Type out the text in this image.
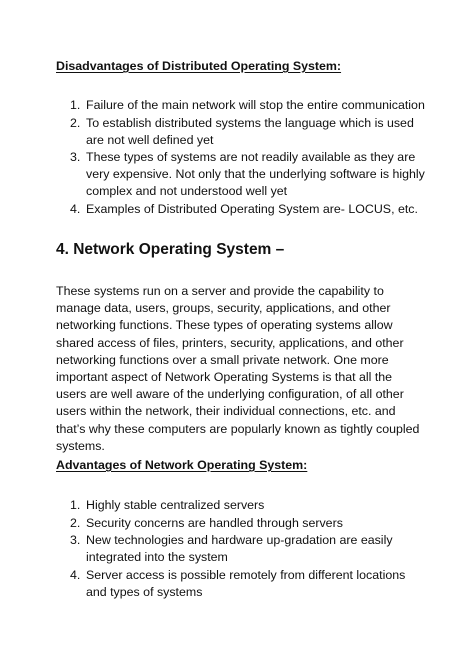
Disadvantages of Distributed Operating System:
1. Failure of the main network will stop the entire communication
2. To establish distributed systems the language which is used are not well defined yet
3. These types of systems are not readily available as they are very expensive. Not only that the underlying software is highly complex and not understood well yet
4. Examples of Distributed Operating System are- LOCUS, etc.
4. Network Operating System –

These systems run on a server and provide the capability to manage data, users, groups, security, applications, and other networking functions. These types of operating systems allow shared access of files, printers, security, applications, and other networking functions over a small private network. One more important aspect of Network Operating Systems is that all the users are well aware of the underlying configuration, of all other users within the network, their individual connections, etc. and that’s why these computers are popularly known as tightly coupled systems.

Advantages of Network Operating System:
1. Highly stable centralized servers
2. Security concerns are handled through servers
3. New technologies and hardware up-gradation are easily integrated into the system
4. Server access is possible remotely from different locations and types of systems
